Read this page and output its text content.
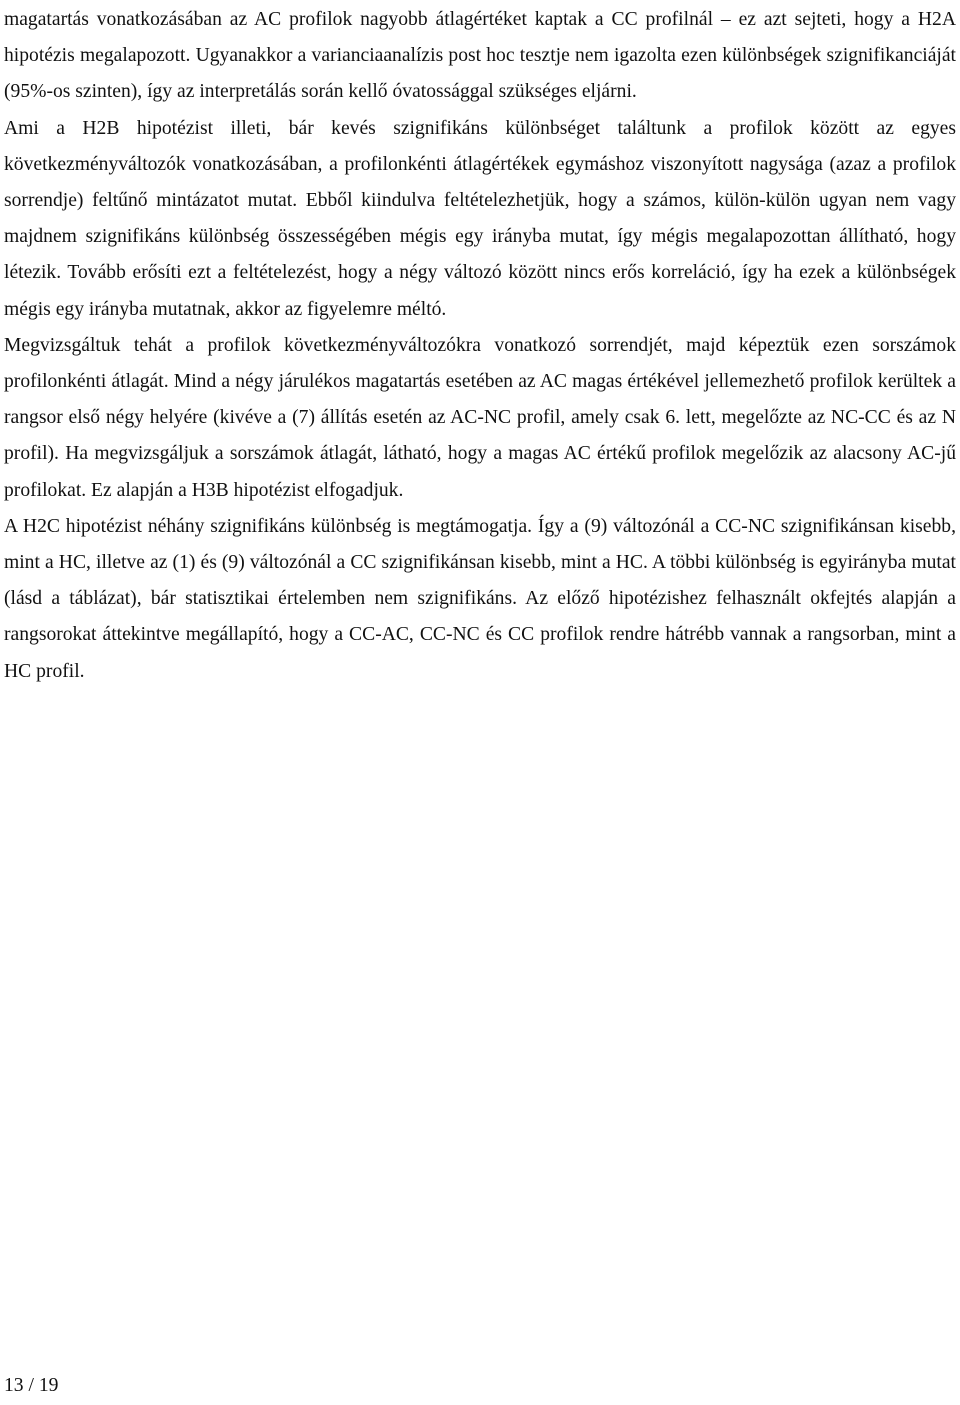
magatartás vonatkozásában az AC profilok nagyobb átlagértéket kaptak a CC profilnál – ez azt sejteti, hogy a H2A hipotézis megalapozott. Ugyanakkor a varianciaanalízis post hoc tesztje nem igazolta ezen különbségek szignifikanciáját (95%-os szinten), így az interpretálás során kellő óvatossággal szükséges eljárni.

Ami a H2B hipotézist illeti, bár kevés szignifikáns különbséget találtunk a profilok között az egyes következményváltozók vonatkozásában, a profilonkénti átlagértékek egymáshoz viszonyított nagysága (azaz a profilok sorrendje) feltűnő mintázatot mutat. Ebből kiindulva feltételezhetjük, hogy a számos, külön-külön ugyan nem vagy majdnem szignifikáns különbség összességében mégis egy irányba mutat, így mégis megalapozottan állítható, hogy létezik. Tovább erősíti ezt a feltételezést, hogy a négy változó között nincs erős korreláció, így ha ezek a különbségek mégis egy irányba mutatnak, akkor az figyelemre méltó.

Megvizsgáltuk tehát a profilok következményváltozókra vonatkozó sorrendjét, majd képeztük ezen sorszámok profilonkénti átlagát. Mind a négy járulékos magatartás esetében az AC magas értékével jellemezhető profilok kerültek a rangsor első négy helyére (kivéve a (7) állítás esetén az AC-NC profil, amely csak 6. lett, megelőzte az NC-CC és az N profil). Ha megvizsgáljuk a sorszámok átlagát, látható, hogy a magas AC értékű profilok megelőzik az alacsony AC-jű profilokat. Ez alapján a H3B hipotézist elfogadjuk.

A H2C hipotézist néhány szignifikáns különbség is megtámogatja. Így a (9) változónál a CC-NC szignifikánsan kisebb, mint a HC, illetve az (1) és (9) változónál a CC szignifikánsan kisebb, mint a HC. A többi különbség is egyirányba mutat (lásd a táblázat), bár statisztikai értelemben nem szignifikáns. Az előző hipotézishez felhasznált okfejtés alapján a rangsorokat áttekintve megállapító, hogy a CC-AC, CC-NC és CC profilok rendre hátrébb vannak a rangsorban, mint a HC profil.

13 / 19
